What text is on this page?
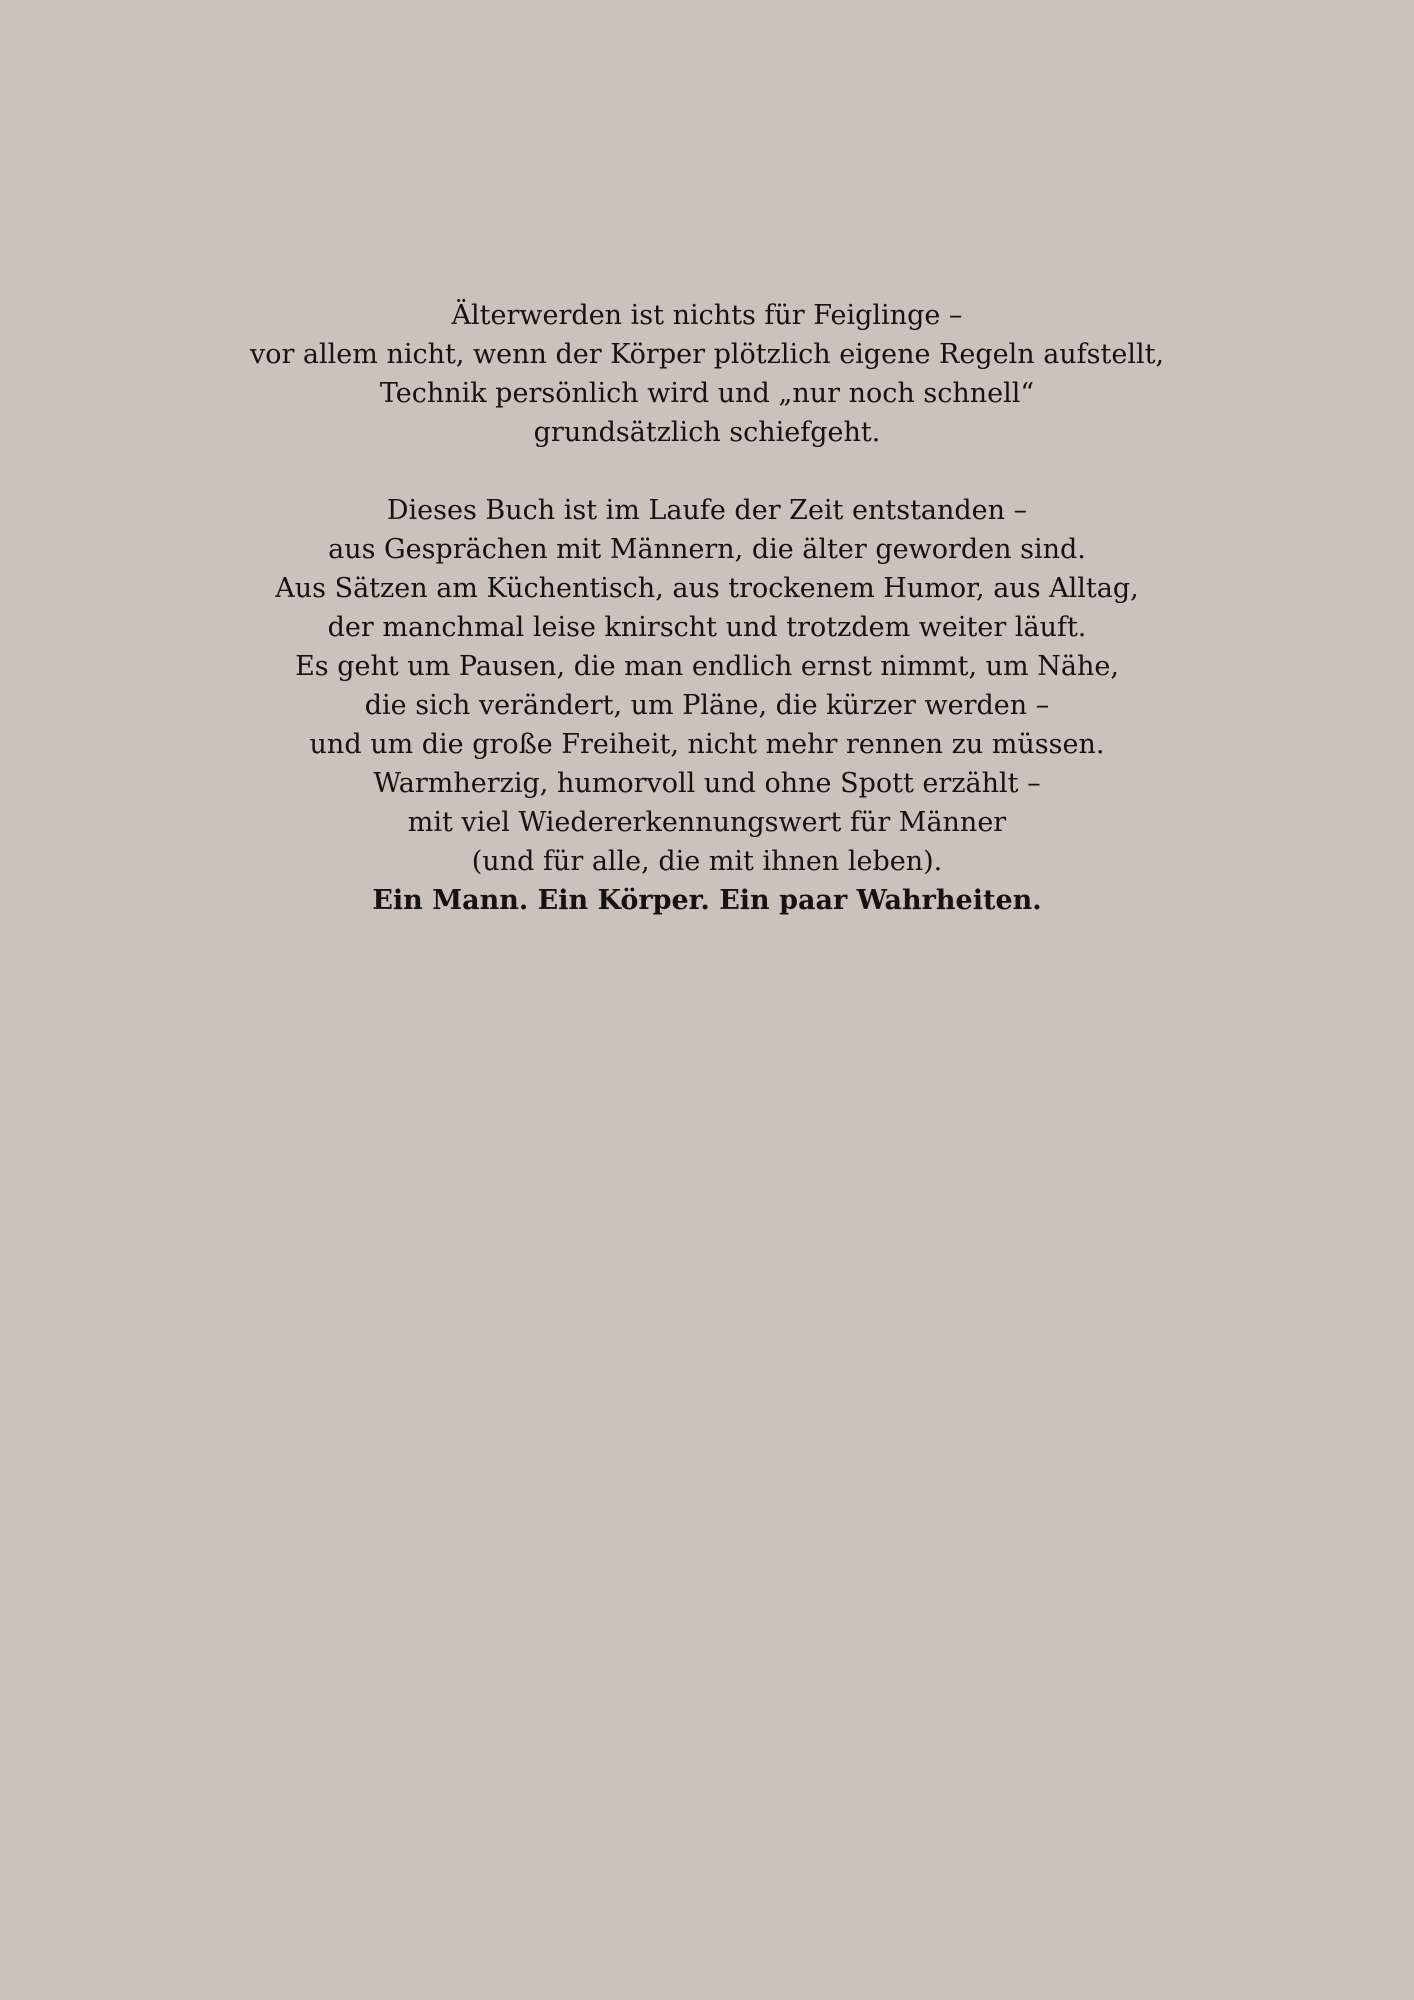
Älterwerden ist nichts für Feiglinge –
vor allem nicht, wenn der Körper plötzlich eigene Regeln aufstellt,
Technik persönlich wird und „nur noch schnell“
grundsätzlich schiefgeht.
Dieses Buch ist im Laufe der Zeit entstanden –
aus Gesprächen mit Männern, die älter geworden sind.
Aus Sätzen am Küchentisch, aus trockenem Humor, aus Alltag,
der manchmal leise knirscht und trotzdem weiter läuft.
Es geht um Pausen, die man endlich ernst nimmt, um Nähe,
die sich verändert, um Pläne, die kürzer werden –
und um die große Freiheit, nicht mehr rennen zu müssen.
Warmherzig, humorvoll und ohne Spott erzählt –
mit viel Wiedererkennungswert für Männer
(und für alle, die mit ihnen leben).
Ein Mann. Ein Körper. Ein paar Wahrheiten.
